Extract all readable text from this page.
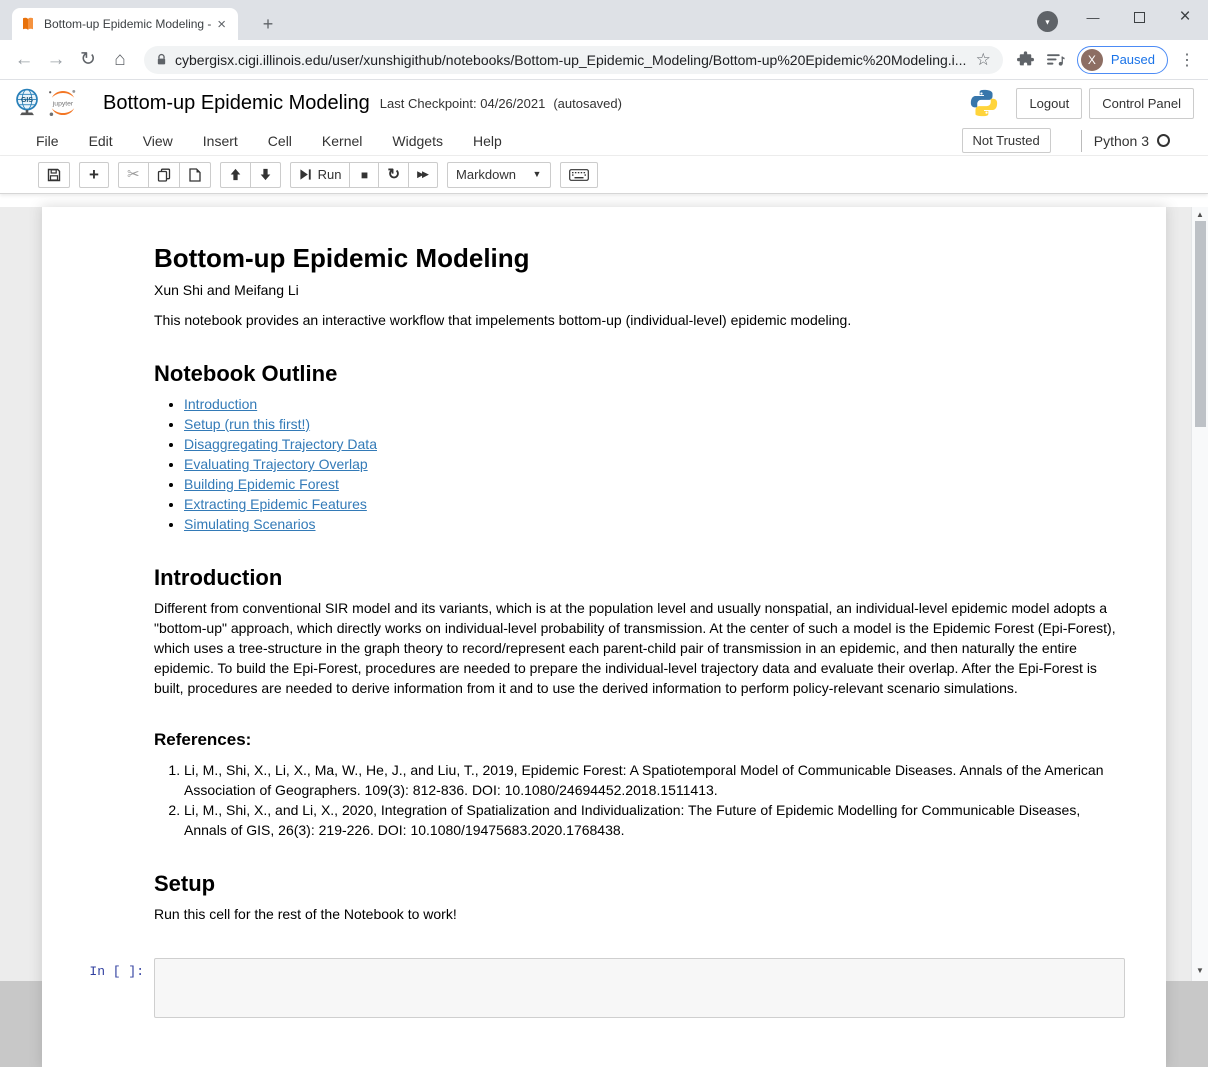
Bottom-up Epidemic Modeling - ×	+	▼	—	×
← → ↻ ⌂	cybergisx.cigi.illinois.edu/user/xunshigithub/notebooks/Bottom-up_Epidemic_Modeling/Bottom-up%20Epidemic%20Modeling.i... ☆	X	Paused	⋮
GIS jupyter Bottom-up Epidemic Modeling Last Checkpoint: 04/26/2021 (autosaved)	Logout	Control Panel
File Edit View Insert Cell Kernel Widgets Help	Not Trusted	Python 3
+ ✂	Run ■ ↻ ▶▶ Markdown	▼
Bottom-up Epidemic Modeling

Xun Shi and Meifang Li

This notebook provides an interactive workflow that impelements bottom-up (individual-level) epidemic modeling.

Notebook Outline
• Introduction
• Setup (run this first!)
• Disaggregating Trajectory Data
• Evaluating Trajectory Overlap
• Building Epidemic Forest
• Extracting Epidemic Features
• Simulating Scenarios
Introduction

Different from conventional SIR model and its variants, which is at the population level and usually nonspatial, an individual-level epidemic model adopts a "bottom-up" approach, which directly works on individual-level probability of transmission. At the center of such a model is the Epidemic Forest (Epi-Forest), which uses a tree-structure in the graph theory to record/represent each parent-child pair of transmission in an epidemic, and then naturally the entire epidemic. To build the Epi-Forest, procedures are needed to prepare the individual-level trajectory data and evaluate their overlap. After the Epi-Forest is built, procedures are needed to derive information from it and to use the derived information to perform policy-relevant scenario simulations.

References:
1. Li, M., Shi, X., Li, X., Ma, W., He, J., and Liu, T., 2019, Epidemic Forest: A Spatiotemporal Model of Communicable Diseases. Annals of the American Association of Geographers. 109(3): 812-836. DOI: 10.1080/24694452.2018.1511413.
2. Li, M., Shi, X., and Li, X., 2020, Integration of Spatialization and Individualization: The Future of Epidemic Modelling for Communicable Diseases, Annals of GIS, 26(3): 219-226. DOI: 10.1080/19475683.2020.1768438.
Setup

Run this cell for the rest of the Notebook to work!

In [ ]:
▲
▼
